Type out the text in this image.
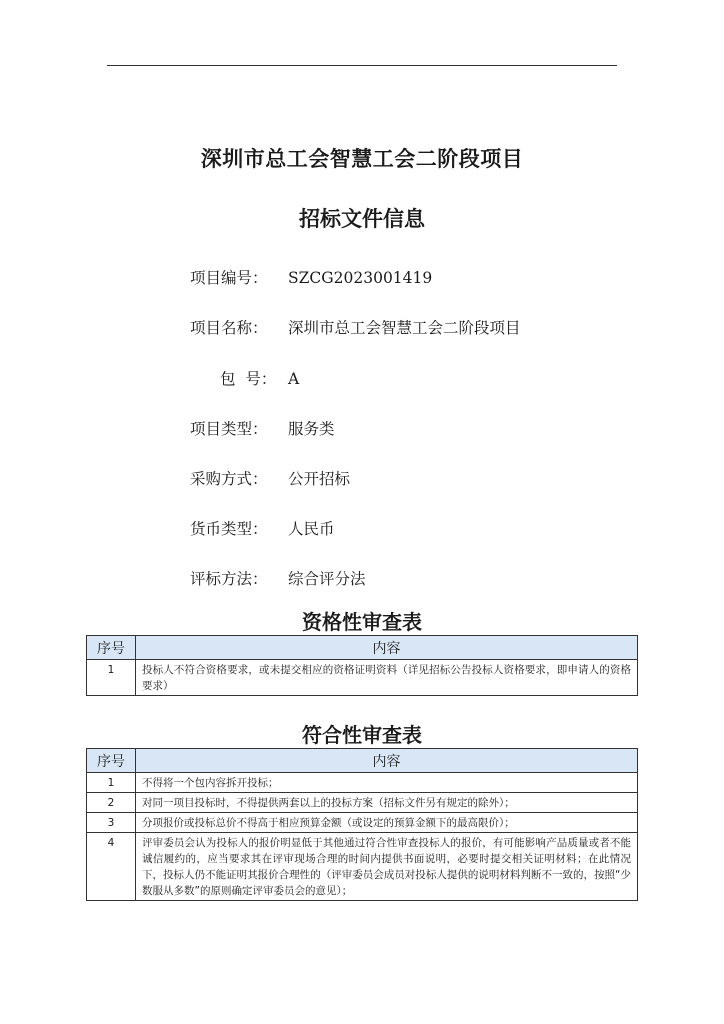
深圳市总工会智慧工会二阶段项目
招标文件信息
项目编号： SZCG2023001419
项目名称： 深圳市总工会智慧工会二阶段项目
包  号： A
项目类型： 服务类
采购方式： 公开招标
货币类型： 人民币
评标方法： 综合评分法
资格性审查表
序号	内容
1	投标人不符合资格要求，或未提交相应的资格证明资料（详见招标公告投标人资格要求，即申请人的资格要求）
符合性审查表
序号	内容
1	不得将一个包内容拆开投标；
2	对同一项目投标时，不得提供两套以上的投标方案（招标文件另有规定的除外）；
3	分项报价或投标总价不得高于相应预算金额（或设定的预算金额下的最高限价）；
4	评审委员会认为投标人的报价明显低于其他通过符合性审查投标人的报价，有可能影响产品质量或者不能诚信履约的，应当要求其在评审现场合理的时间内提供书面说明，必要时提交相关证明材料；在此情况下，投标人仍不能证明其报价合理性的（评审委员会成员对投标人提供的说明材料判断不一致的，按照“少数服从多数”的原则确定评审委员会的意见）；
